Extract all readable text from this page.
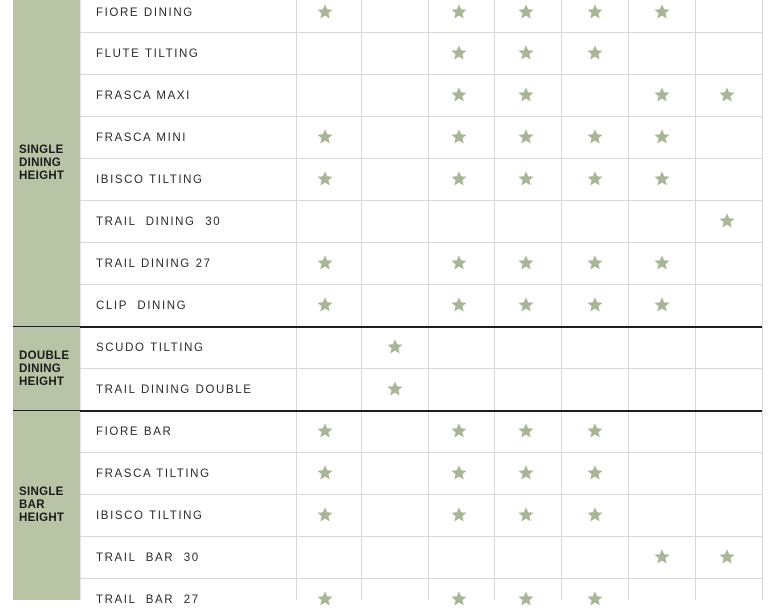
SINGLE
DINING
HEIGHT
FIORE DINING
FLUTE TILTING
FRASCA MAXI
FRASCA MINI
IBISCO TILTING
TRAIL  DINING  30
TRAIL DINING 27
CLIP  DINING
DOUBLE
DINING
HEIGHT
SCUDO TILTING
TRAIL DINING DOUBLE
SINGLE
BAR
HEIGHT
FIORE BAR
FRASCA TILTING
IBISCO TILTING
TRAIL  BAR  30
TRAIL  BAR  27
